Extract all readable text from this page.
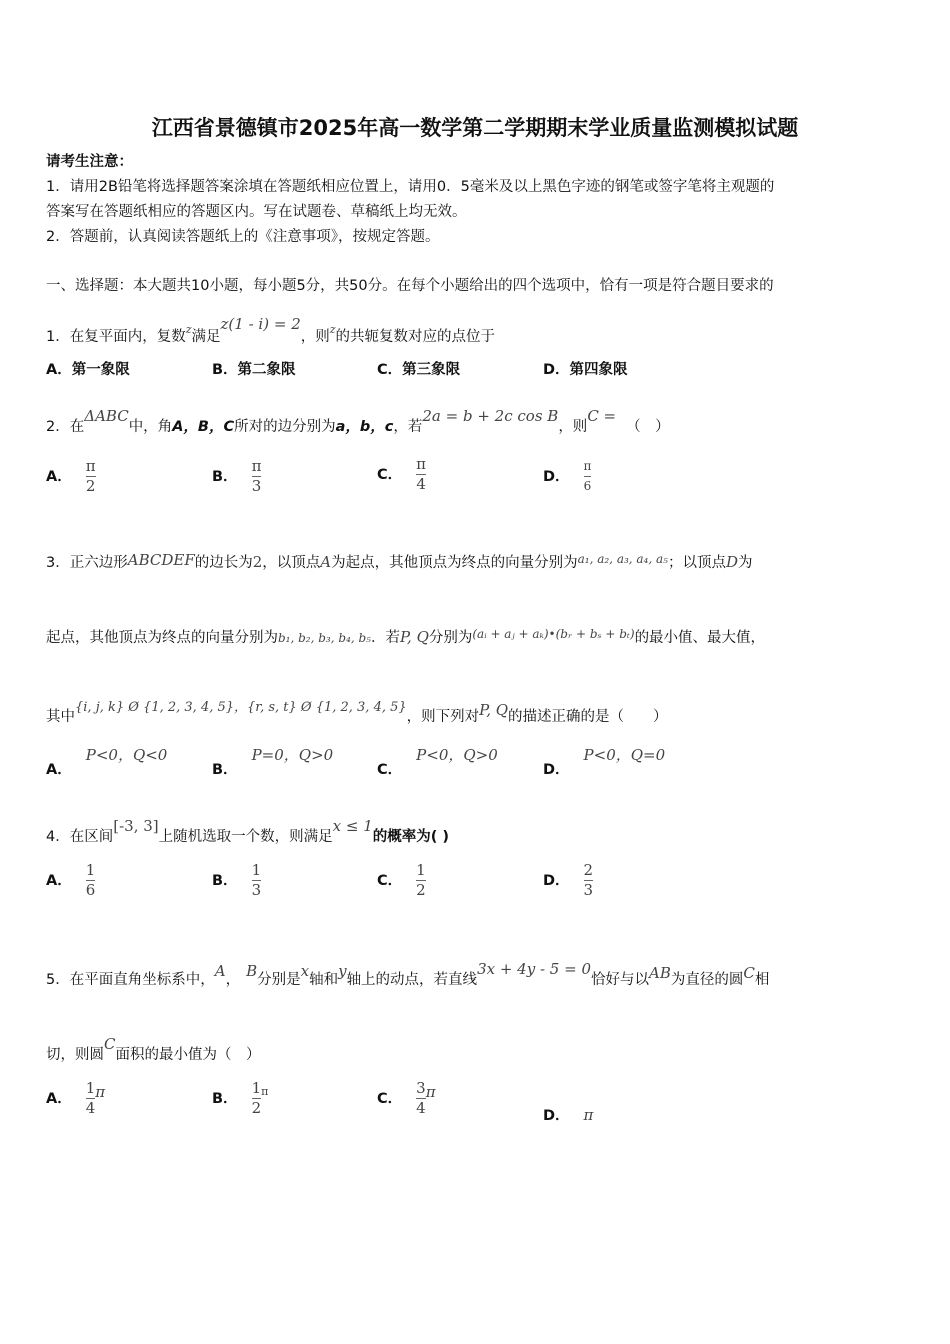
江西省景德镇市2025年高一数学第二学期期末学业质量监测模拟试题
请考生注意：
1．请用2B铅笔将选择题答案涂填在答题纸相应位置上，请用0．5毫米及以上黑色字迹的钢笔或签字笔将主观题的
答案写在答题纸相应的答题区内。写在试题卷、草稿纸上均无效。
2．答题前，认真阅读答题纸上的《注意事项》，按规定答题。
一、选择题：本大题共10小题，每小题5分，共50分。在每个小题给出的四个选项中，恰有一项是符合题目要求的
1．在复平面内，复数$^z$满足z(1 - i) = 2，则$^z$的共轭复数对应的点位于
A．第一象限	B．第二象限	C．第三象限	D．第四象限
2．在ΔABC中，角A，B，C所对的边分别为a，b，c，若2a = b + 2c cos B，则C =（　）
A． $\frac{\pi}{2}$	B． $\frac{\pi}{3}$	C． $\frac{\pi}{4}$	D． $\frac{\pi}{6}$
3．正六边形ABCDEF的边长为2，以顶点A为起点，其他顶点为终点的向量分别为$^{a_1, a_2, a_3, a_4, a_5}$；以顶点D为
起点，其他顶点为终点的向量分别为b₁, b₂, b₃, b₄, b₅．若P, Q分别为$^{(aᵢ + aⱼ + a_k)•(bᵣ + b_s + b_t)}$的最小值、最大值，
其中{i, j, k} Ø {1, 2, 3, 4, 5}，{r, s, t} Ø {1, 2, 3, 4, 5}，则下列对P, Q的描述正确的是（　　）
A．P<0，Q<0
B．P=0，Q>0
C．P<0，Q>0
D．P<0，Q=0
4．在区间[-3, 3]上随机选取一个数，则满足x ≤ 1的概率为( )
A． $\frac{1}{6}$	B． $\frac{1}{3}$	C． $\frac{1}{2}$	D． $\frac{2}{3}$
5．在平面直角坐标系中，A， B分别是x轴和y轴上的动点，若直线3x + 4y - 5 = 0恰好与以AB为直径的圆C相
切，则圆C面积的最小值为（　）
A． $\frac{1}{4}$ π	B． $\frac{1}{2} ^\pi$	C． $\frac{3}{4}$ π
D． π
